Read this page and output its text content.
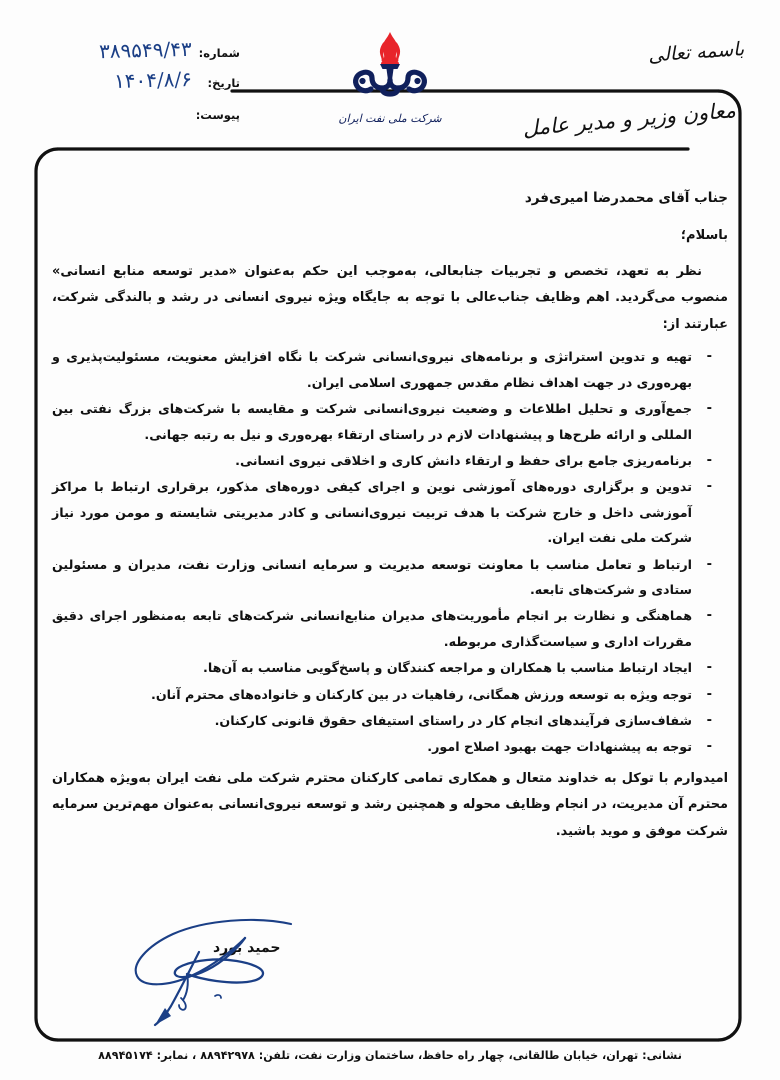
باسمه تعالی
معاون وزیر و مدیر عامل
شرکت ملی نفت ایران
شماره:
۳۸۹۵۴۹/۴۳
تاریخ:
۱۴۰۴/۸/۶
پیوست:
جناب آقای محمدرضا امیری‌فرد
باسلام؛

نظر به تعهد، تخصص و تجربیات جنابعالی، به‌موجب این حکم به‌عنوان «مدیر توسعه منابع انسانی» منصوب می‌گردید. اهم وظایف جناب‌عالی با توجه به جایگاه ویژه نیروی انسانی در رشد و بالندگی شرکت، عبارتند از:

- تهیه و تدوین استراتژی و برنامه‌های نیروی‌انسانی شرکت با نگاه افزایش معنویت، مسئولیت‌پذیری و بهره‌وری در جهت اهداف نظام مقدس جمهوری اسلامی ایران.
- جمع‌آوری و تحلیل اطلاعات و وضعیت نیروی‌انسانی شرکت و مقایسه با شرکت‌های بزرگ نفتی بین المللی و ارائه طرح‌ها و پیشنهادات لازم در راستای ارتقاء بهره‌وری و نیل به رتبه جهانی.
- برنامه‌ریزی جامع برای حفظ و ارتقاء دانش کاری و اخلاقی نیروی انسانی.
- تدوین و برگزاری دوره‌های آموزشی نوین و اجرای کیفی دوره‌های مذکور، برقراری ارتباط با مراکز آموزشی داخل و خارج شرکت با هدف تربیت نیروی‌انسانی و کادر مدیریتی شایسته و مومن مورد نیاز شرکت ملی نفت ایران.
- ارتباط و تعامل مناسب با معاونت توسعه مدیریت و سرمایه انسانی وزارت نفت، مدیران و مسئولین ستادی و شرکت‌های تابعه.
- هماهنگی و نظارت بر انجام مأموریت‌های مدیران منابع‌انسانی شرکت‌های تابعه به‌منظور اجرای دقیق مقررات اداری و سیاست‌گذاری مربوطه.
- ایجاد ارتباط مناسب با همکاران و مراجعه کنندگان و پاسخ‌گویی مناسب به آن‌ها.
- توجه ویژه به توسعه ورزش همگانی، رفاهیات در بین کارکنان و خانواده‌های محترم آنان.
- شفاف‌سازی فرآیندهای انجام کار در راستای استیفای حقوق قانونی کارکنان.
- توجه به پیشنهادات جهت بهبود اصلاح امور.

امیدوارم با توکل به خداوند متعال و همکاری تمامی کارکنان محترم شرکت ملی نفت ایران به‌ویژه همکاران محترم آن مدیریت، در انجام وظایف محوله و همچنین رشد و توسعه نیروی‌انسانی به‌عنوان مهم‌ترین سرمایه شرکت موفق و موید باشید.

حمید بورد
نشانی: تهران، خیابان طالقانی، چهار راه حافظ، ساختمان وزارت نفت، تلفن: ۸۸۹۴۲۹۷۸ ، نمابر: ۸۸۹۴۵۱۷۴
